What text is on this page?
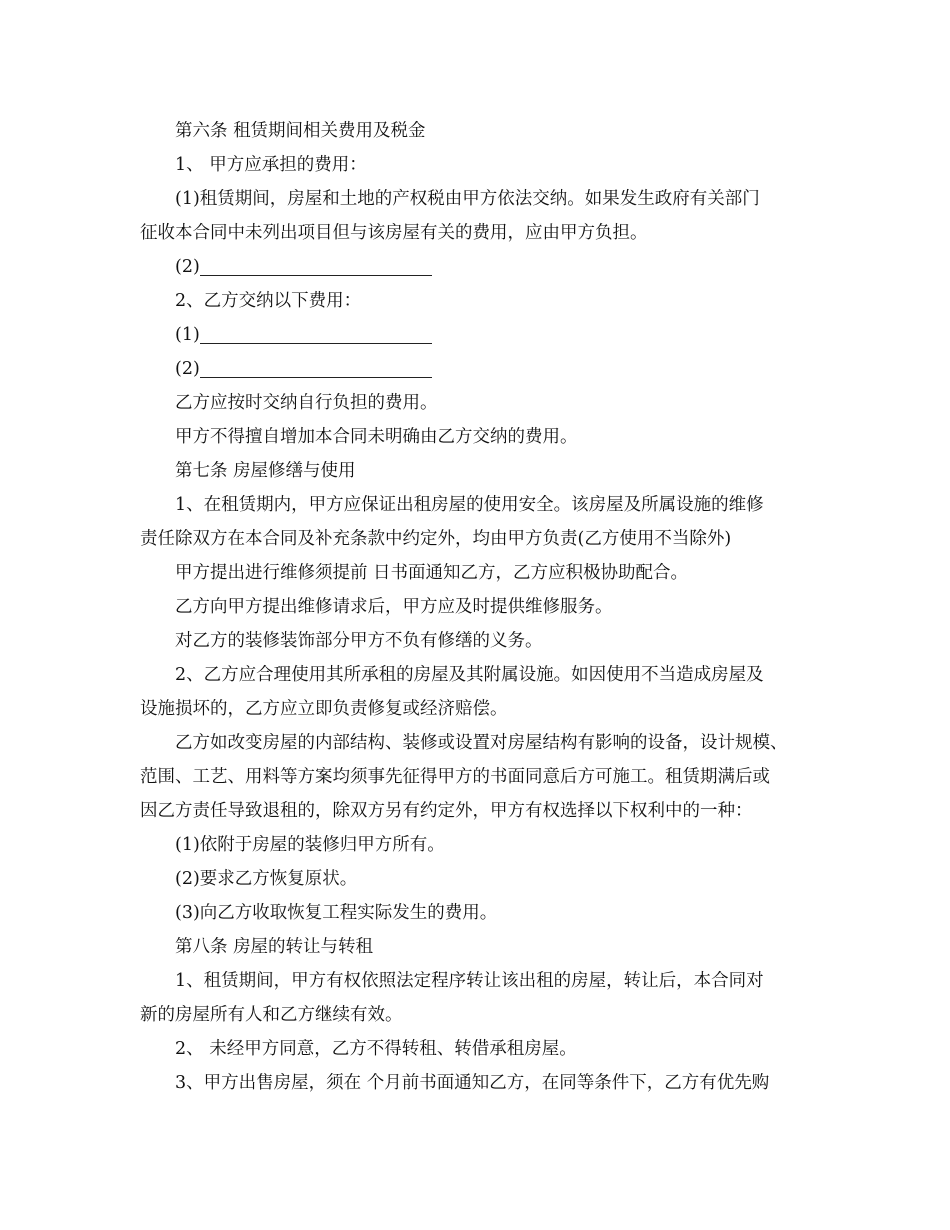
第六条 租赁期间相关费用及税金
1、 甲方应承担的费用：
(1)租赁期间，房屋和土地的产权税由甲方依法交纳。如果发生政府有关部门
征收本合同中未列出项目但与该房屋有关的费用，应由甲方负担。
(2)
2、乙方交纳以下费用：
(1)
(2)
乙方应按时交纳自行负担的费用。
甲方不得擅自增加本合同未明确由乙方交纳的费用。
第七条 房屋修缮与使用
1、在租赁期内，甲方应保证出租房屋的使用安全。该房屋及所属设施的维修
责任除双方在本合同及补充条款中约定外，均由甲方负责(乙方使用不当除外)
甲方提出进行维修须提前 日书面通知乙方，乙方应积极协助配合。
乙方向甲方提出维修请求后，甲方应及时提供维修服务。
对乙方的装修装饰部分甲方不负有修缮的义务。
2、乙方应合理使用其所承租的房屋及其附属设施。如因使用不当造成房屋及
设施损坏的，乙方应立即负责修复或经济赔偿。
乙方如改变房屋的内部结构、装修或设置对房屋结构有影响的设备，设计规模、
范围、工艺、用料等方案均须事先征得甲方的书面同意后方可施工。租赁期满后或
因乙方责任导致退租的，除双方另有约定外，甲方有权选择以下权利中的一种：
(1)依附于房屋的装修归甲方所有。
(2)要求乙方恢复原状。
(3)向乙方收取恢复工程实际发生的费用。
第八条 房屋的转让与转租
1、租赁期间，甲方有权依照法定程序转让该出租的房屋，转让后，本合同对
新的房屋所有人和乙方继续有效。
2、 未经甲方同意，乙方不得转租、转借承租房屋。
3、甲方出售房屋，须在 个月前书面通知乙方，在同等条件下，乙方有优先购
